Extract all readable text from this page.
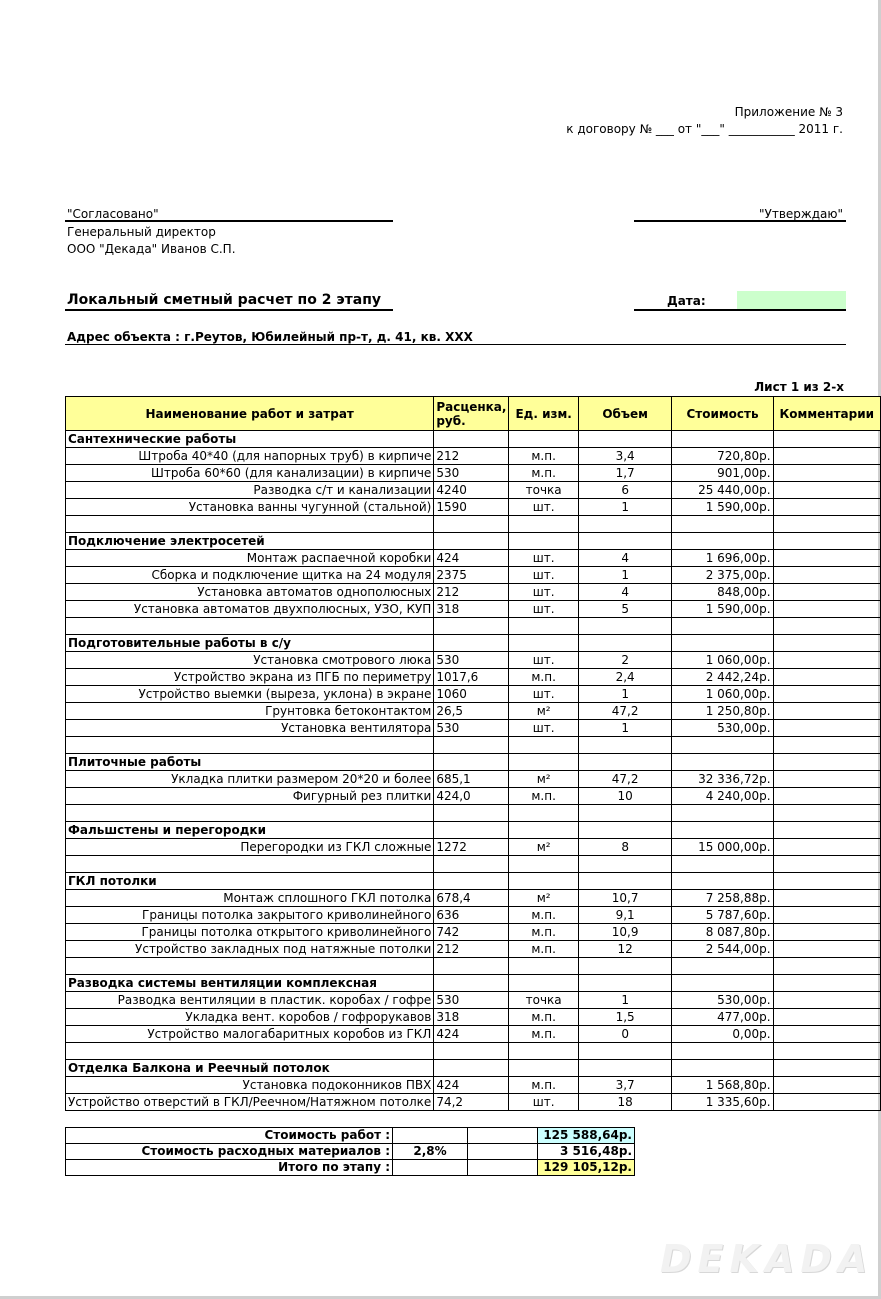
Приложение № 3
к договору № ___ от "___" ___________ 2011 г.
"Согласовано"	"Утверждаю"
Генеральный директор
ООО "Декада" Иванов С.П.
Локальный сметный расчет по 2 этапу	Дата:
Адрес объекта : г.Реутов, Юбилейный пр-т, д. 41, кв. XXX
Лист 1 из 2-х
Наименование работ и затрат	Расценка, руб.	Ед. изм.	Объем	Стоимость	Комментарии
Сантехнические работы					
Штроба 40*40 (для напорных труб) в кирпиче	212	м.п.	3,4	720,80р.	
Штроба 60*60 (для канализации) в кирпиче	530	м.п.	1,7	901,00р.	
Разводка с/т и канализации	4240	точка	6	25 440,00р.	
Установка ванны чугунной (стальной)	1590	шт.	1	1 590,00р.	

Подключение электросетей					
Монтаж распаечной коробки	424	шт.	4	1 696,00р.	
Сборка и подключение щитка на 24 модуля	2375	шт.	1	2 375,00р.	
Установка автоматов однополюсных	212	шт.	4	848,00р.	
Установка автоматов двухполюсных, УЗО, КУП	318	шт.	5	1 590,00р.	

Подготовительные работы в с/у					
Установка смотрового люка	530	шт.	2	1 060,00р.	
Устройство экрана из ПГБ по периметру	1017,6	м.п.	2,4	2 442,24р.	
Устройство выемки (выреза, уклона) в экране	1060	шт.	1	1 060,00р.	
Грунтовка бетоконтактом	26,5	м²	47,2	1 250,80р.	
Установка вентилятора	530	шт.	1	530,00р.	

Плиточные работы					
Укладка плитки размером 20*20 и более	685,1	м²	47,2	32 336,72р.	
Фигурный рез плитки	424,0	м.п.	10	4 240,00р.	

Фальшстены и перегородки					
Перегородки из ГКЛ сложные	1272	м²	8	15 000,00р.	

ГКЛ потолки					
Монтаж сплошного ГКЛ потолка	678,4	м²	10,7	7 258,88р.	
Границы потолка закрытого криволинейного	636	м.п.	9,1	5 787,60р.	
Границы потолка открытого криволинейного	742	м.п.	10,9	8 087,80р.	
Устройство закладных под натяжные потолки	212	м.п.	12	2 544,00р.	

Разводка системы вентиляции комплексная					
Разводка вентиляции в пластик. коробах / гофре	530	точка	1	530,00р.	
Укладка вент. коробов / гофрорукавов	318	м.п.	1,5	477,00р.	
Устройство малогабаритных коробов из ГКЛ	424	м.п.	0	0,00р.	

Отделка Балкона и Реечный потолок					
Установка подоконников ПВХ	424	м.п.	3,7	1 568,80р.	
Устройство отверстий в ГКЛ/Реечном/Натяжном потолке	74,2	шт.	18	1 335,60р.	
Стоимость работ :			125 588,64р.
Стоимость расходных материалов :	2,8%		3 516,48р.
Итого по этапу :			129 105,12р.
DEKADA
